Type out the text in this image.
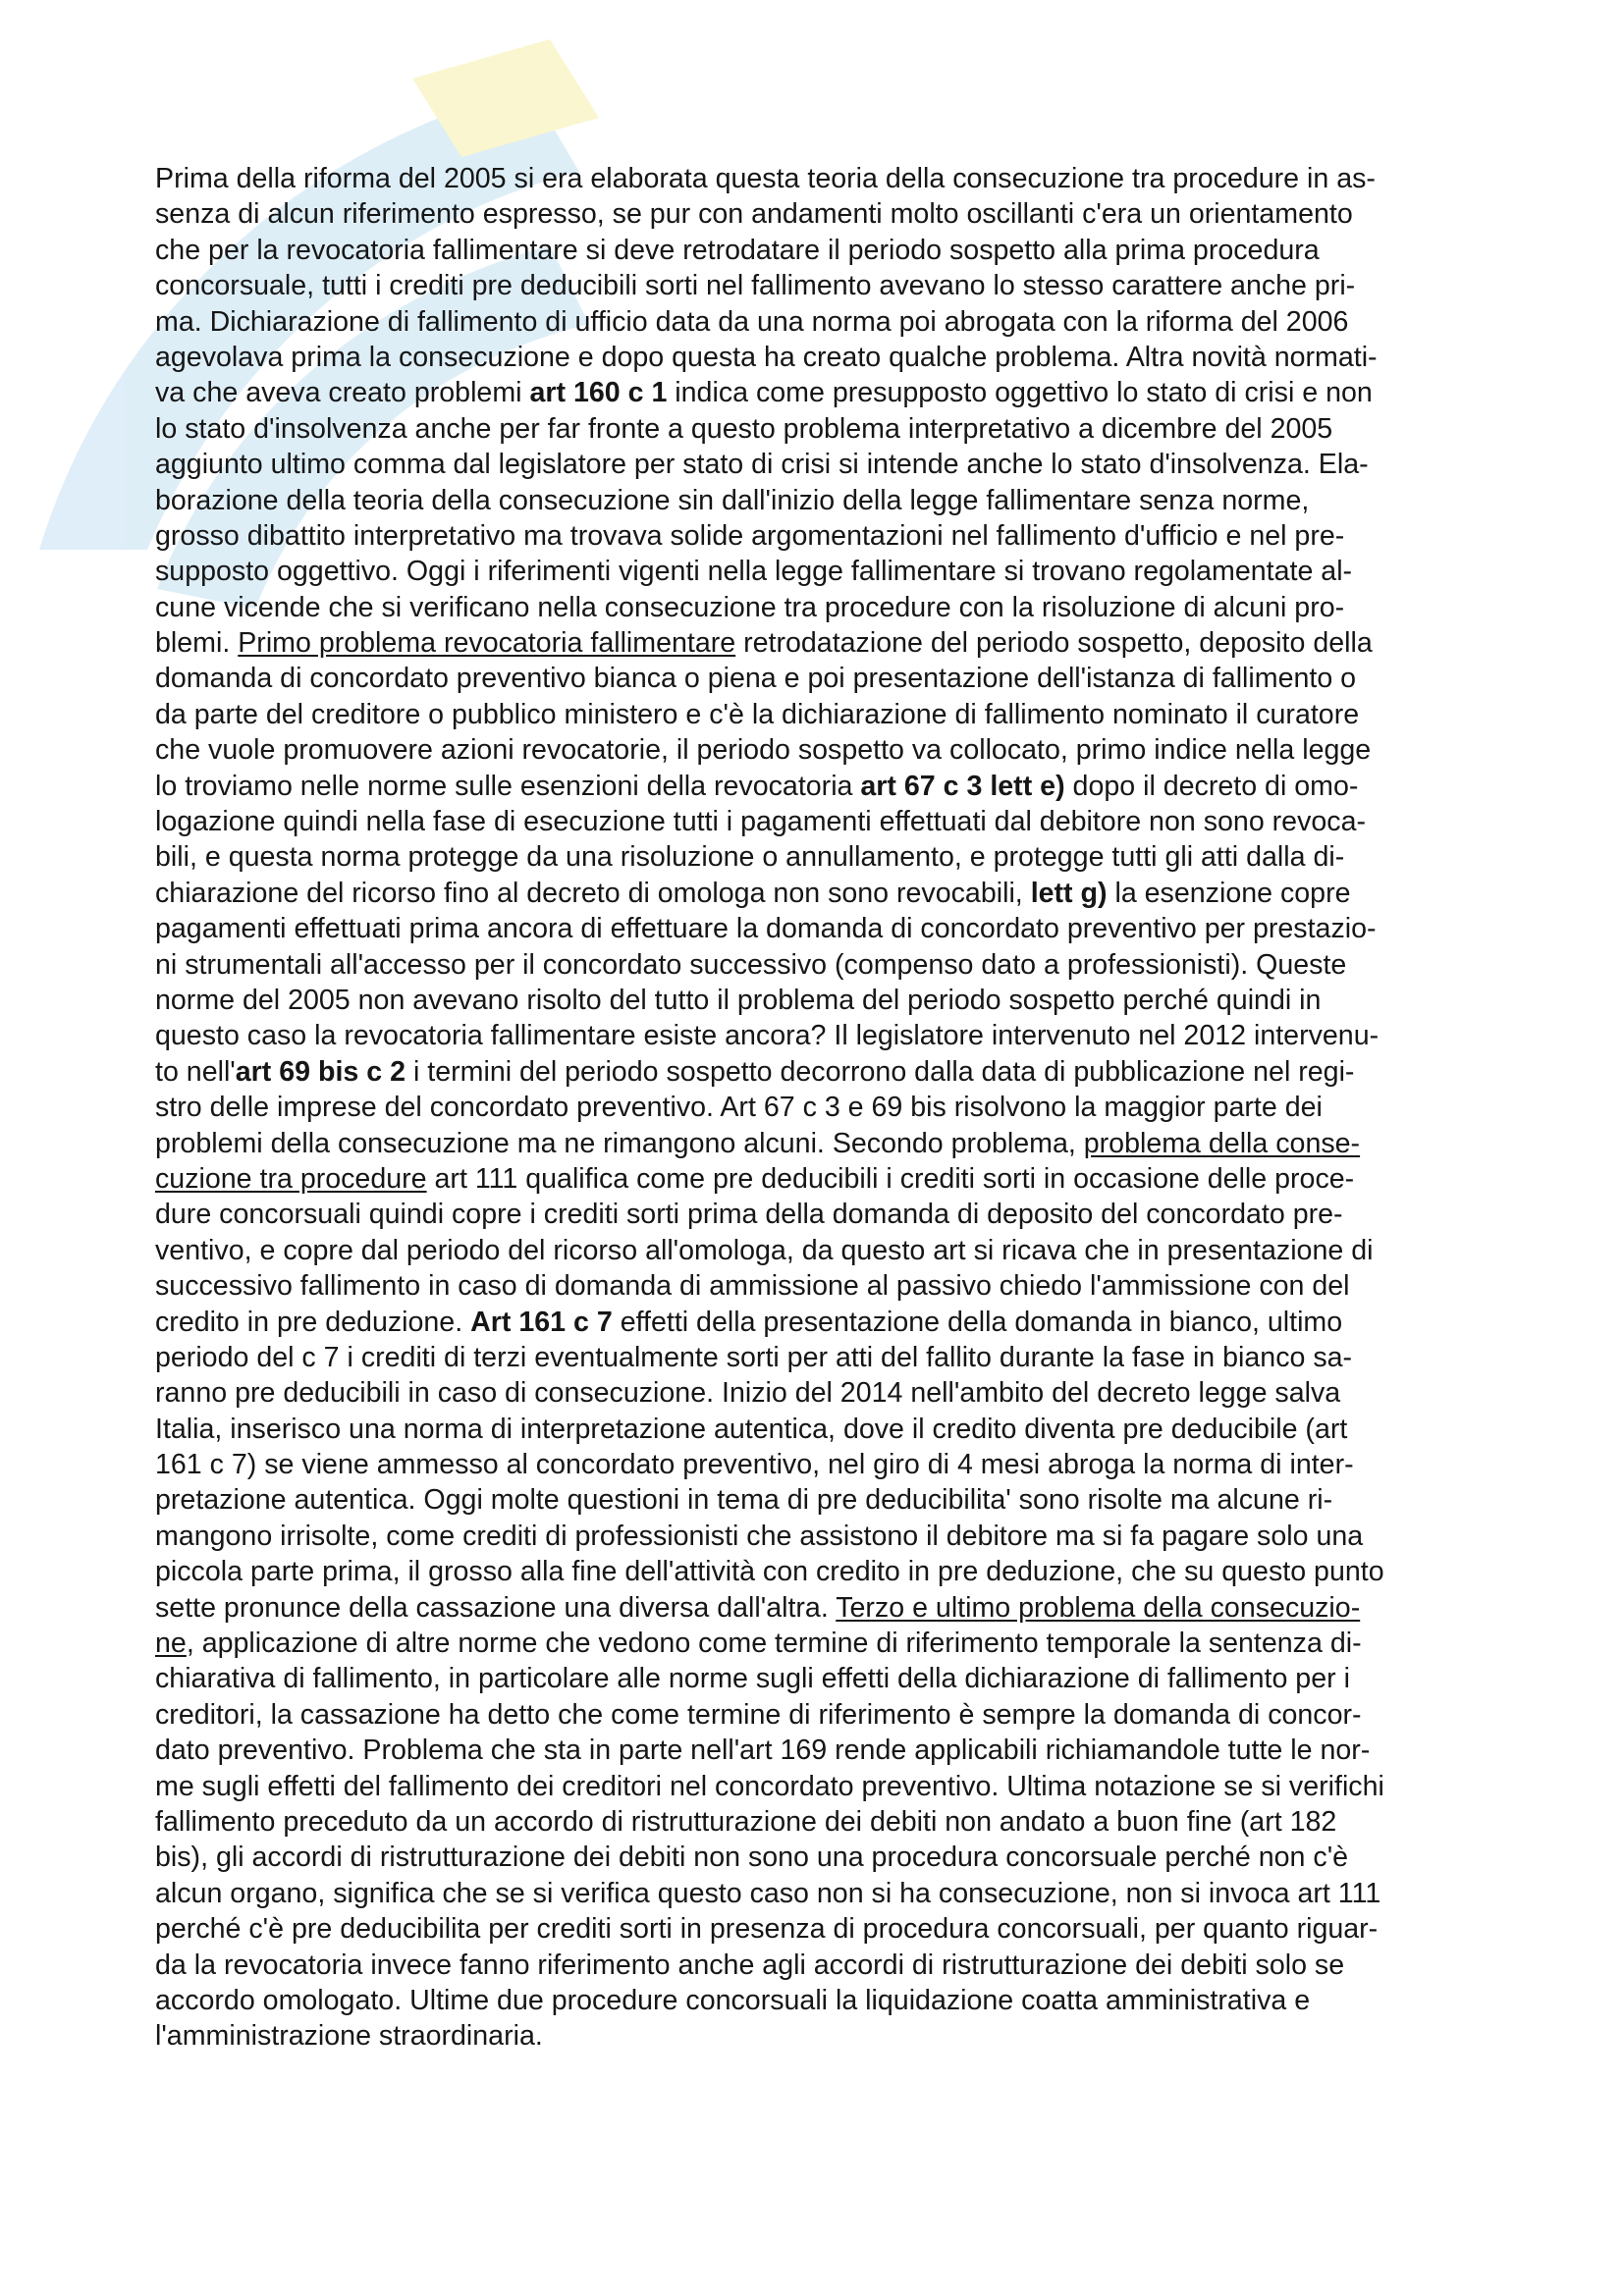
Prima della riforma del 2005 si era elaborata questa teoria della consecuzione tra procedure in as-
senza di alcun riferimento espresso, se pur con andamenti molto oscillanti c'era un orientamento
che per la revocatoria fallimentare si deve retrodatare il periodo sospetto alla prima procedura
concorsuale, tutti i crediti pre deducibili sorti nel fallimento avevano lo stesso carattere anche pri-
ma. Dichiarazione di fallimento di ufficio data da una norma poi abrogata con la riforma del 2006
agevolava prima la consecuzione e dopo questa ha creato qualche problema. Altra novità normati-
va che aveva creato problemi art 160 c 1 indica come presupposto oggettivo lo stato di crisi e non
lo stato d'insolvenza anche per far fronte a questo problema interpretativo a dicembre del 2005
aggiunto ultimo comma dal legislatore per stato di crisi si intende anche lo stato d'insolvenza. Ela-
borazione della teoria della consecuzione sin dall'inizio della legge fallimentare senza norme,
grosso dibattito interpretativo ma trovava solide argomentazioni nel fallimento d'ufficio e nel pre-
supposto oggettivo. Oggi i riferimenti vigenti nella legge fallimentare si trovano regolamentate al-
cune vicende che si verificano nella consecuzione tra procedure con la risoluzione di alcuni pro-
blemi. Primo problema revocatoria fallimentare retrodatazione del periodo sospetto, deposito della
domanda di concordato preventivo bianca o piena e poi presentazione dell'istanza di fallimento o
da parte del creditore o pubblico ministero e c'è la dichiarazione di fallimento nominato il curatore
che vuole promuovere azioni revocatorie, il periodo sospetto va collocato, primo indice nella legge
lo troviamo nelle norme sulle esenzioni della revocatoria art 67 c 3 lett e) dopo il decreto di omo-
logazione quindi nella fase di esecuzione tutti i pagamenti effettuati dal debitore non sono revoca-
bili, e questa norma protegge da una risoluzione o annullamento, e protegge tutti gli atti dalla di-
chiarazione del ricorso fino al decreto di omologa non sono revocabili, lett g) la esenzione copre
pagamenti effettuati prima ancora di effettuare la domanda di concordato preventivo per prestazio-
ni strumentali all'accesso per il concordato successivo (compenso dato a professionisti). Queste
norme del 2005 non avevano risolto del tutto il problema del periodo sospetto perché quindi in
questo caso la revocatoria fallimentare esiste ancora? Il legislatore intervenuto nel 2012 intervenu-
to nell'art 69 bis c 2 i termini del periodo sospetto decorrono dalla data di pubblicazione nel regi-
stro delle imprese del concordato preventivo. Art 67 c 3 e 69 bis risolvono la maggior parte dei
problemi della consecuzione ma ne rimangono alcuni. Secondo problema, problema della conse-
cuzione tra procedure art 111 qualifica come pre deducibili i crediti sorti in occasione delle proce-
dure concorsuali quindi copre i crediti sorti prima della domanda di deposito del concordato pre-
ventivo, e copre dal periodo del ricorso all'omologa, da questo art si ricava che in presentazione di
successivo fallimento in caso di domanda di ammissione al passivo chiedo l'ammissione con del
credito in pre deduzione. Art 161 c 7 effetti della presentazione della domanda in bianco, ultimo
periodo del c 7 i crediti di terzi eventualmente sorti per atti del fallito durante la fase in bianco sa-
ranno pre deducibili in caso di consecuzione. Inizio del 2014 nell'ambito del decreto legge salva
Italia, inserisco una norma di interpretazione autentica, dove il credito diventa pre deducibile (art
161 c 7) se viene ammesso al concordato preventivo, nel giro di 4 mesi abroga la norma di inter-
pretazione autentica. Oggi molte questioni in tema di pre deducibilita' sono risolte ma alcune ri-
mangono irrisolte, come crediti di professionisti che assistono il debitore ma si fa pagare solo una
piccola parte prima, il grosso alla fine dell'attività con credito in pre deduzione, che su questo punto
sette pronunce della cassazione una diversa dall'altra. Terzo e ultimo problema della consecuzio-
ne, applicazione di altre norme che vedono come termine di riferimento temporale la sentenza di-
chiarativa di fallimento, in particolare alle norme sugli effetti della dichiarazione di fallimento per i
creditori, la cassazione ha detto che come termine di riferimento è sempre la domanda di concor-
dato preventivo. Problema che sta in parte nell'art 169 rende applicabili richiamandole tutte le nor-
me sugli effetti del fallimento dei creditori nel concordato preventivo. Ultima notazione se si verifichi
fallimento preceduto da un accordo di ristrutturazione dei debiti non andato a buon fine (art 182
bis), gli accordi di ristrutturazione dei debiti non sono una procedura concorsuale perché non c'è
alcun organo, significa che se si verifica questo caso non si ha consecuzione, non si invoca art 111
perché c'è pre deducibilita per crediti sorti in presenza di procedura concorsuali, per quanto riguar-
da la revocatoria invece fanno riferimento anche agli accordi di ristrutturazione dei debiti solo se
accordo omologato. Ultime due procedure concorsuali la liquidazione coatta amministrativa e
l'amministrazione straordinaria.
